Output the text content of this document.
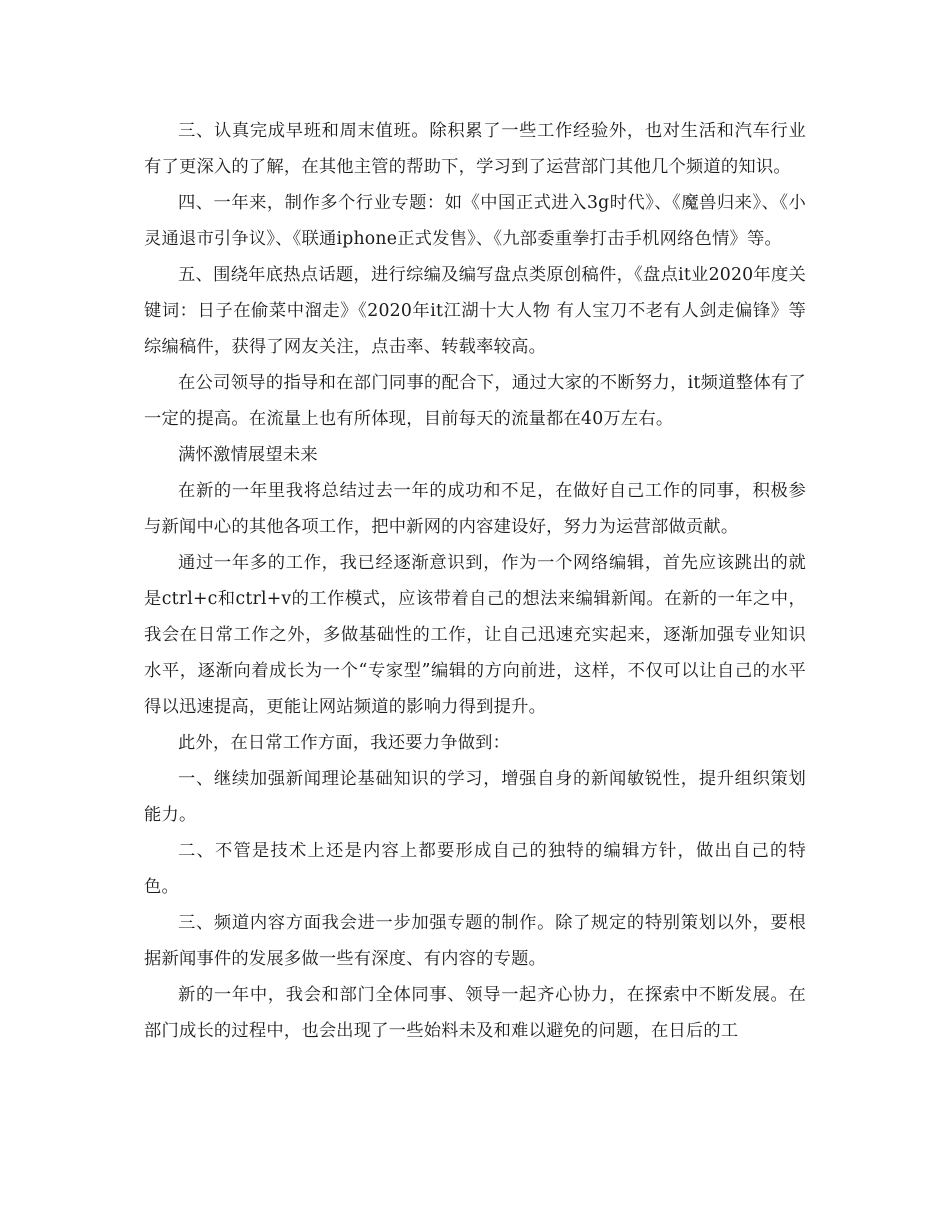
三、认真完成早班和周末值班。除积累了一些工作经验外，也对生活和汽车行业有了更深入的了解，在其他主管的帮助下，学习到了运营部门其他几个频道的知识。

四、一年来，制作多个行业专题：如《中国正式进入3g时代》、《魔兽归来》、《小灵通退市引争议》、《联通iphone正式发售》、《九部委重拳打击手机网络色情》等。

五、围绕年底热点话题，进行综编及编写盘点类原创稿件，《盘点it业2020年度关键词：日子在偷菜中溜走》《2020年it江湖十大人物 有人宝刀不老有人剑走偏锋》等综编稿件，获得了网友关注，点击率、转载率较高。

在公司领导的指导和在部门同事的配合下，通过大家的不断努力，it频道整体有了一定的提高。在流量上也有所体现，目前每天的流量都在40万左右。

满怀激情展望未来

在新的一年里我将总结过去一年的成功和不足，在做好自己工作的同事，积极参与新闻中心的其他各项工作，把中新网的内容建设好，努力为运营部做贡献。

通过一年多的工作，我已经逐渐意识到，作为一个网络编辑，首先应该跳出的就是ctrl+c和ctrl+v的工作模式，应该带着自己的想法来编辑新闻。在新的一年之中，我会在日常工作之外，多做基础性的工作，让自己迅速充实起来，逐渐加强专业知识水平，逐渐向着成长为一个“专家型”编辑的方向前进，这样，不仅可以让自己的水平得以迅速提高，更能让网站频道的影响力得到提升。

此外，在日常工作方面，我还要力争做到：

一、继续加强新闻理论基础知识的学习，增强自身的新闻敏锐性，提升组织策划能力。

二、不管是技术上还是内容上都要形成自己的独特的编辑方针，做出自己的特色。

三、频道内容方面我会进一步加强专题的制作。除了规定的特别策划以外，要根据新闻事件的发展多做一些有深度、有内容的专题。

新的一年中，我会和部门全体同事、领导一起齐心协力，在探索中不断发展。在部门成长的过程中，也会出现了一些始料未及和难以避免的问题，在日后的工
